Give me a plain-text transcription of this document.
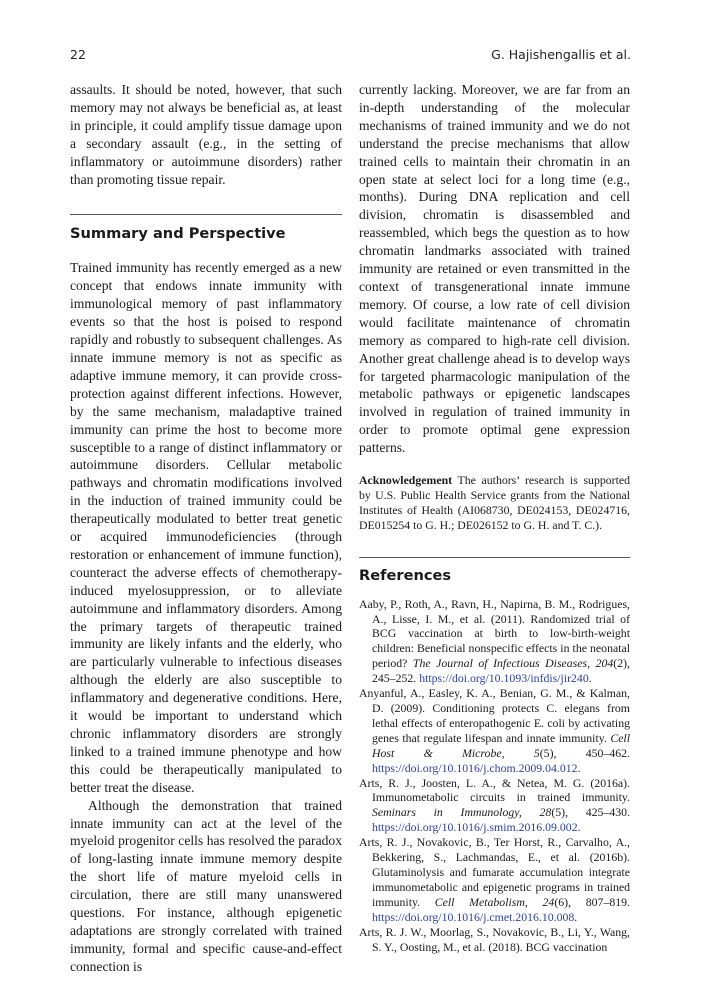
22	G. Hajishengallis et al.

assaults. It should be noted, however, that such memory may not always be beneficial as, at least in principle, it could amplify tissue damage upon a secondary assault (e.g., in the setting of inflammatory or autoimmune disorders) rather than promoting tissue repair.

Summary and Perspective

Trained immunity has recently emerged as a new concept that endows innate immunity with immunological memory of past inflammatory events so that the host is poised to respond rapidly and robustly to subsequent challenges. As innate immune memory is not as specific as adaptive immune memory, it can provide cross-protection against different infections. However, by the same mechanism, maladaptive trained immunity can prime the host to become more susceptible to a range of distinct inflammatory or autoimmune disorders. Cellular metabolic pathways and chromatin modifications involved in the induction of trained immunity could be therapeutically modulated to better treat genetic or acquired immunodeficiencies (through restoration or enhancement of immune function), counteract the adverse effects of chemotherapy-induced myelosuppression, or to alleviate autoimmune and inflammatory disorders. Among the primary targets of therapeutic trained immunity are likely infants and the elderly, who are particularly vulnerable to infectious diseases although the elderly are also susceptible to inflammatory and degenerative conditions. Here, it would be important to understand which chronic inflammatory disorders are strongly linked to a trained immune phenotype and how this could be therapeutically manipulated to better treat the disease.

Although the demonstration that trained innate immunity can act at the level of the myeloid progenitor cells has resolved the paradox of long-lasting innate immune memory despite the short life of mature myeloid cells in circulation, there are still many unanswered questions. For instance, although epigenetic adaptations are strongly correlated with trained immunity, formal and specific cause-and-effect connection is

currently lacking. Moreover, we are far from an in-depth understanding of the molecular mechanisms of trained immunity and we do not understand the precise mechanisms that allow trained cells to maintain their chromatin in an open state at select loci for a long time (e.g., months). During DNA replication and cell division, chromatin is disassembled and reassembled, which begs the question as to how chromatin landmarks associated with trained immunity are retained or even transmitted in the context of transgenerational innate immune memory. Of course, a low rate of cell division would facilitate maintenance of chromatin memory as compared to high-rate cell division. Another great challenge ahead is to develop ways for targeted pharmacologic manipulation of the metabolic pathways or epigenetic landscapes involved in regulation of trained immunity in order to promote optimal gene expression patterns.

Acknowledgement The authors’ research is supported by U.S. Public Health Service grants from the National Institutes of Health (AI068730, DE024153, DE024716, DE015254 to G. H.; DE026152 to G. H. and T. C.).

References
Aaby, P., Roth, A., Ravn, H., Napirna, B. M., Rodrigues, A., Lisse, I. M., et al. (2011). Randomized trial of BCG vaccination at birth to low-birth-weight children: Beneficial nonspecific effects in the neonatal period? The Journal of Infectious Diseases, 204(2), 245–252. https://doi.org/10.1093/infdis/jir240.
Anyanful, A., Easley, K. A., Benian, G. M., & Kalman, D. (2009). Conditioning protects C. elegans from lethal effects of enteropathogenic E. coli by activating genes that regulate lifespan and innate immunity. Cell Host & Microbe, 5(5), 450–462. https://doi.org/10.1016/j.chom.2009.04.012.
Arts, R. J., Joosten, L. A., & Netea, M. G. (2016a). Immunometabolic circuits in trained immunity. Seminars in Immunology, 28(5), 425–430. https://doi.org/10.1016/j.smim.2016.09.002.
Arts, R. J., Novakovic, B., Ter Horst, R., Carvalho, A., Bekkering, S., Lachmandas, E., et al. (2016b). Glutaminolysis and fumarate accumulation integrate immunometabolic and epigenetic programs in trained immunity. Cell Metabolism, 24(6), 807–819. https://doi.org/10.1016/j.cmet.2016.10.008.
Arts, R. J. W., Moorlag, S., Novakovic, B., Li, Y., Wang, S. Y., Oosting, M., et al. (2018). BCG vaccination
